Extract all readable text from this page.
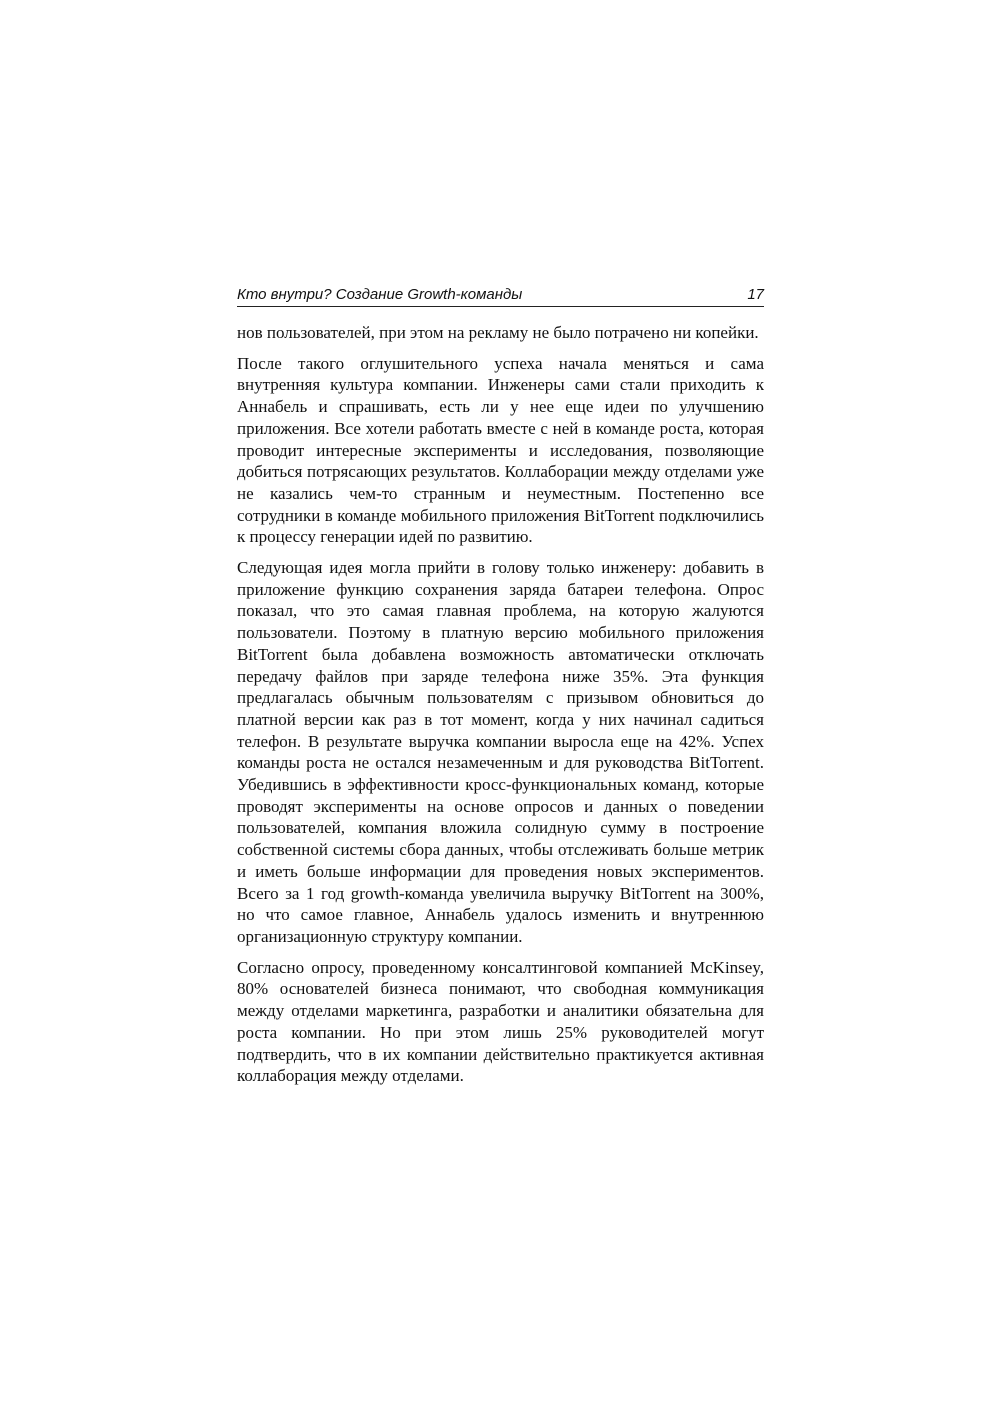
Кто внутри? Создание Growth-команды	17

нов пользователей, при этом на рекламу не было потрачено ни копейки.

После такого оглушительного успеха начала меняться и сама внутренняя культура компании. Инженеры сами стали приходить к Аннабель и спрашивать, есть ли у нее еще идеи по улучшению приложения. Все хотели работать вместе с ней в команде роста, которая проводит интересные эксперименты и исследования, позволяющие добиться потрясающих результатов. Коллаборации между отделами уже не казались чем-то странным и неуместным. Постепенно все сотрудники в команде мобильного приложения BitTorrent подключились к процессу генерации идей по развитию.

Следующая идея могла прийти в голову только инженеру: добавить в приложение функцию сохранения заряда батареи телефона. Опрос показал, что это самая главная проблема, на которую жалуются пользователи. Поэтому в платную версию мобильного приложения BitTorrent была добавлена возможность автоматически отключать передачу файлов при заряде телефона ниже 35%. Эта функция предлагалась обычным пользователям с призывом обновиться до платной версии как раз в тот момент, когда у них начинал садиться телефон. В результате выручка компании выросла еще на 42%. Успех команды роста не остался незамеченным и для руководства BitTorrent. Убедившись в эффективности кросс-функциональных команд, которые проводят эксперименты на основе опросов и данных о поведении пользователей, компания вложила солидную сумму в построение собственной системы сбора данных, чтобы отслеживать больше метрик и иметь больше информации для проведения новых экспериментов. Всего за 1 год growth-команда увеличила выручку BitTorrent на 300%, но что самое главное, Аннабель удалось изменить и внутреннюю организационную структуру компании.

Согласно опросу, проведенному консалтинговой компанией McKinsey, 80% основателей бизнеса понимают, что свободная коммуникация между отделами маркетинга, разработки и аналитики обязательна для роста компании. Но при этом лишь 25% руководителей могут подтвердить, что в их компании действительно практикуется активная коллаборация между отделами.
